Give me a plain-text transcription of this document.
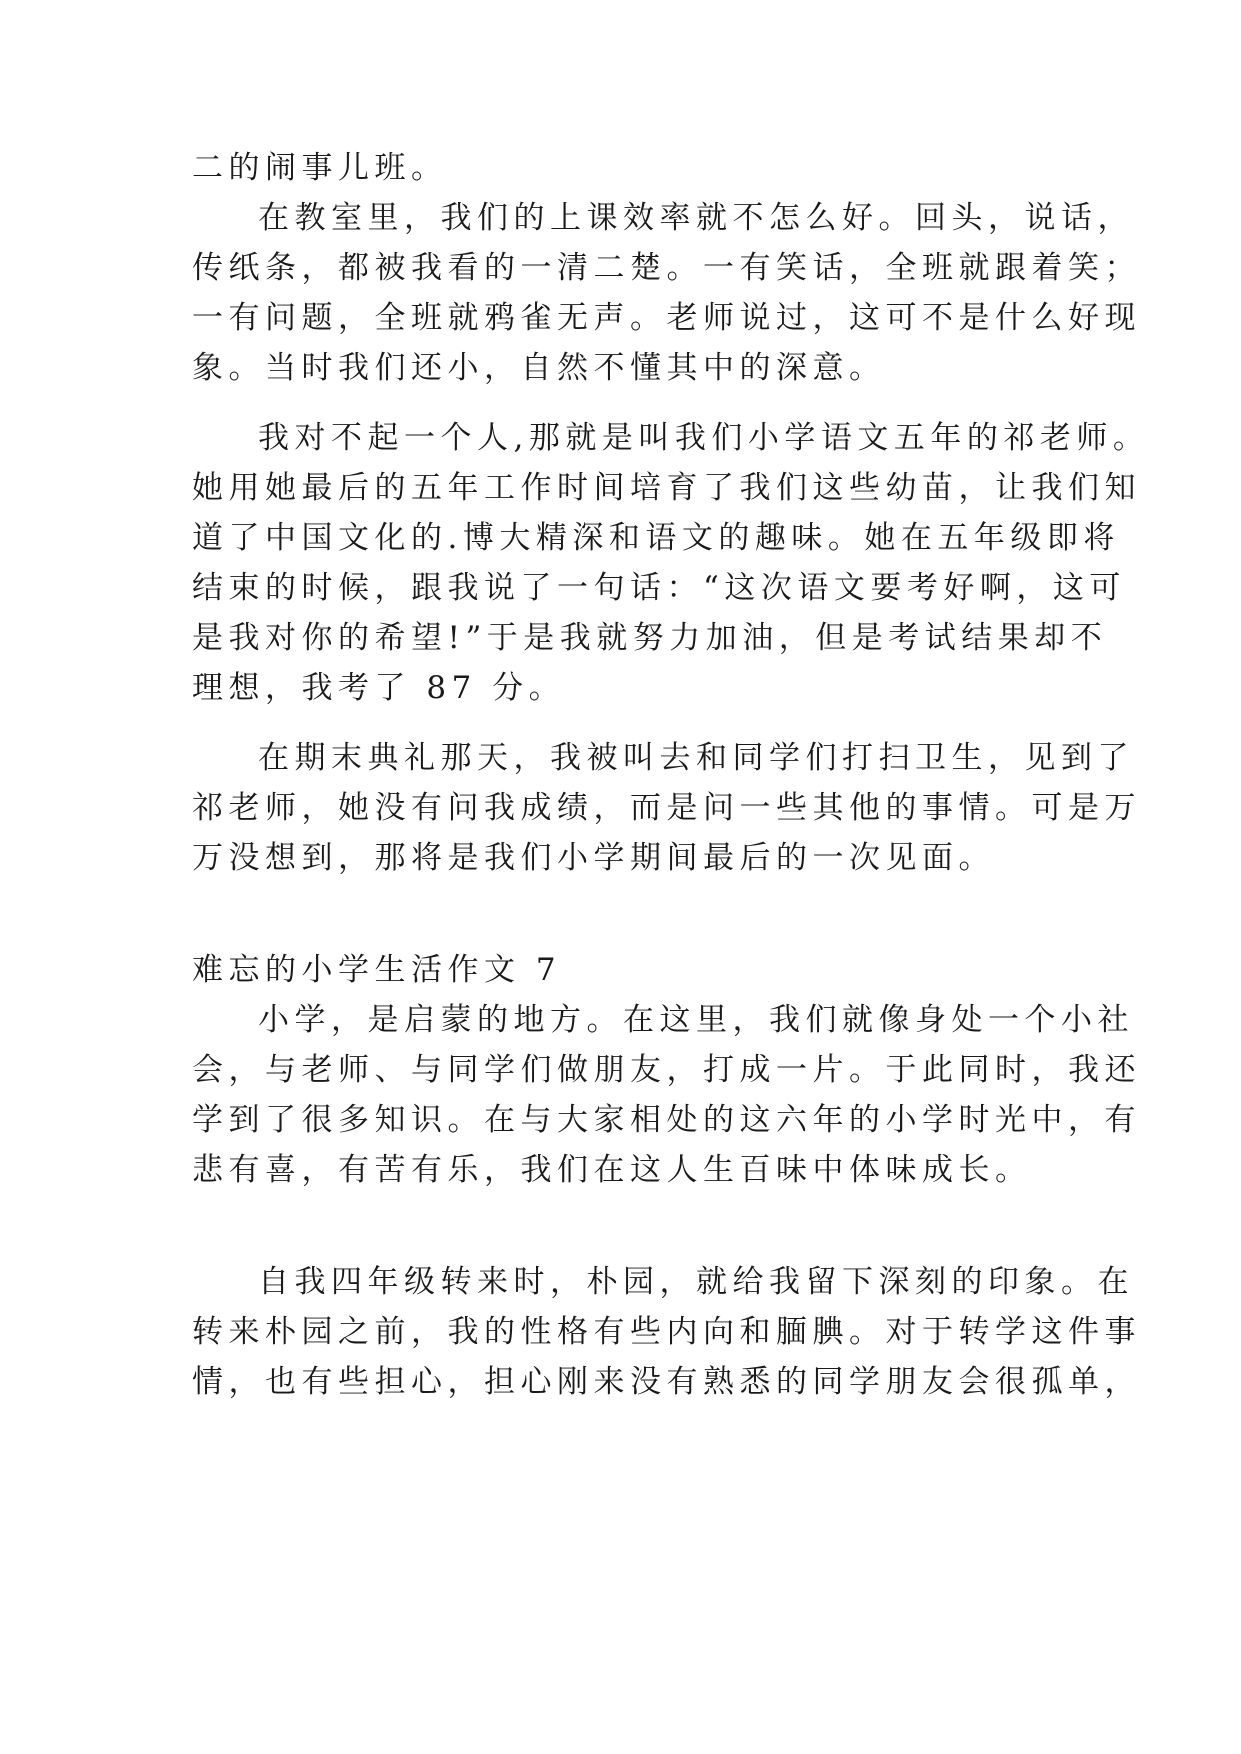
二的闹事儿班。
在教室里，我们的上课效率就不怎么好。回头，说话，
传纸条，都被我看的一清二楚。一有笑话，全班就跟着笑；
一有问题，全班就鸦雀无声。老师说过，这可不是什么好现
象。当时我们还小，自然不懂其中的深意。
我对不起一个人,那就是叫我们小学语文五年的祁老师。
她用她最后的五年工作时间培育了我们这些幼苗，让我们知
道了中国文化的.博大精深和语文的趣味。她在五年级即将
结束的时候，跟我说了一句话：“这次语文要考好啊，这可
是我对你的希望!”于是我就努力加油，但是考试结果却不
理想，我考了 87 分。
在期末典礼那天，我被叫去和同学们打扫卫生，见到了
祁老师，她没有问我成绩，而是问一些其他的事情。可是万
万没想到，那将是我们小学期间最后的一次见面。
难忘的小学生活作文 7
小学，是启蒙的地方。在这里，我们就像身处一个小社
会，与老师、与同学们做朋友，打成一片。于此同时，我还
学到了很多知识。在与大家相处的这六年的小学时光中，有
悲有喜，有苦有乐，我们在这人生百味中体味成长。
自我四年级转来时，朴园，就给我留下深刻的印象。在
转来朴园之前，我的性格有些内向和腼腆。对于转学这件事
情，也有些担心，担心刚来没有熟悉的同学朋友会很孤单，
